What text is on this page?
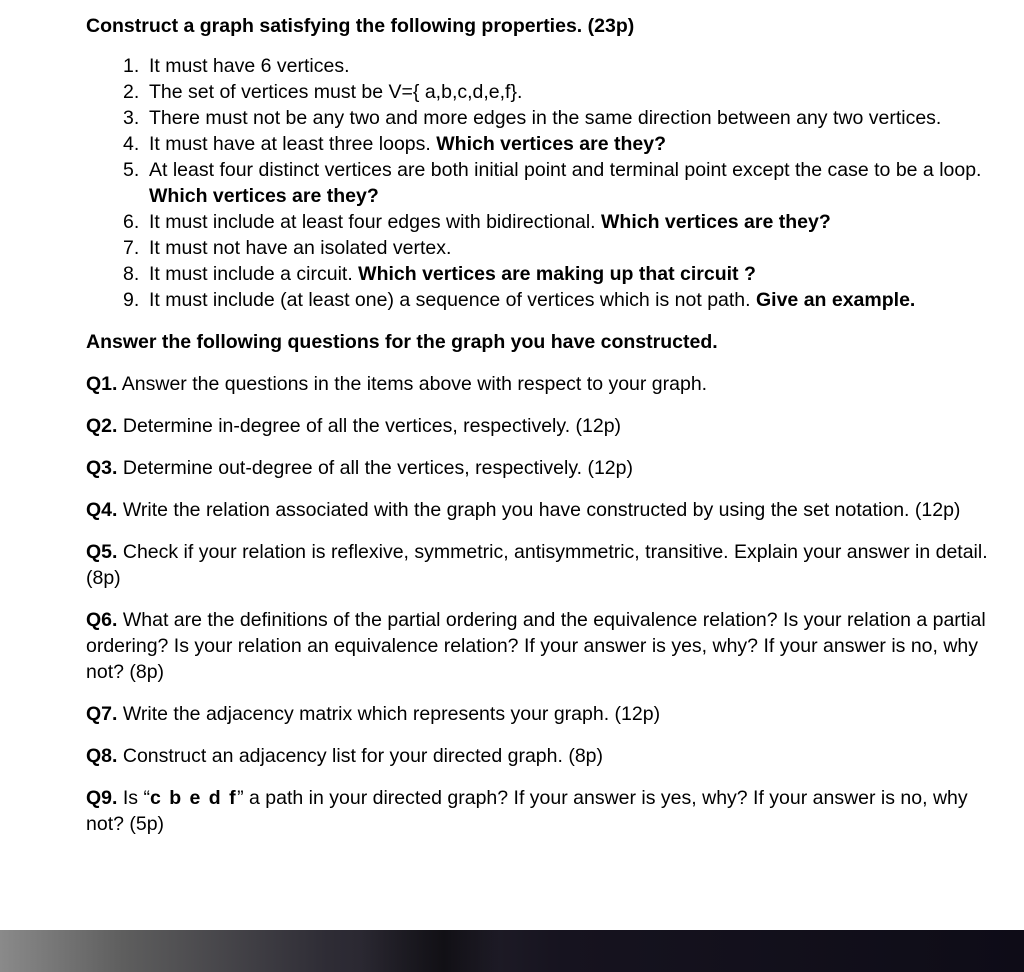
Construct a graph satisfying the following properties. (23p)

1. It must have 6 vertices.
2. The set of vertices must be V={ a,b,c,d,e,f}.
3. There must not be any two and more edges in the same direction between any two vertices.
4. It must have at least three loops. Which vertices are they?
5. At least four distinct vertices are both initial point and terminal point except the case to be a loop. Which vertices are they?
6. It must include at least four edges with bidirectional. Which vertices are they?
7. It must not have an isolated vertex.
8. It must include a circuit. Which vertices are making up that circuit ?
9. It must include (at least one) a sequence of vertices which is not path. Give an example.

Answer the following questions for the graph you have constructed.

Q1. Answer the questions in the items above with respect to your graph.

Q2. Determine in-degree of all the vertices, respectively. (12p)

Q3. Determine out-degree of all the vertices, respectively. (12p)

Q4. Write the relation associated with the graph you have constructed by using the set notation. (12p)

Q5. Check if your relation is reflexive, symmetric, antisymmetric, transitive. Explain your answer in detail. (8p)

Q6. What are the definitions of the partial ordering and the equivalence relation? Is your relation a partial ordering? Is your relation an equivalence relation? If your answer is yes, why? If your answer is no, why not? (8p)

Q7. Write the adjacency matrix which represents your graph. (12p)

Q8. Construct an adjacency list for your directed graph. (8p)

Q9. Is “c b e d f” a path in your directed graph? If your answer is yes, why? If your answer is no, why not? (5p)
